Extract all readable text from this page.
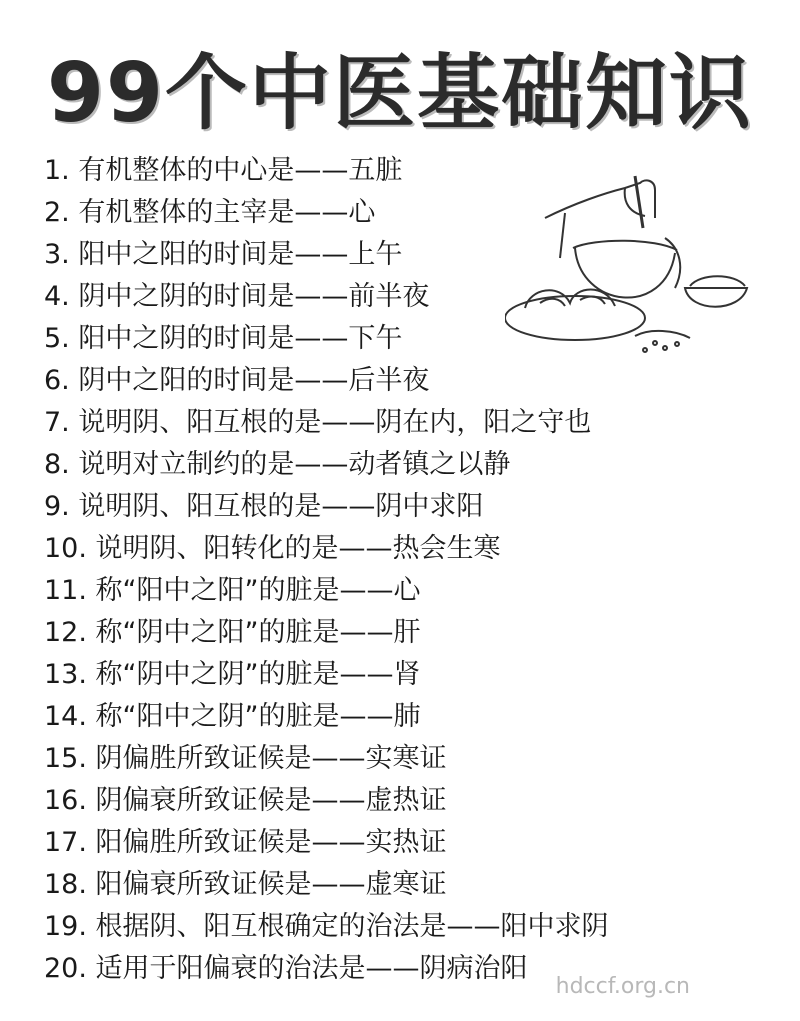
99个中医基础知识
1. 有机整体的中心是——五脏
2. 有机整体的主宰是——心
3. 阳中之阳的时间是——上午
4. 阴中之阴的时间是——前半夜
5. 阳中之阴的时间是——下午
6. 阴中之阳的时间是——后半夜
7. 说明阴、阳互根的是——阴在内，阳之守也
8. 说明对立制约的是——动者镇之以静
9. 说明阴、阳互根的是——阴中求阳
10. 说明阴、阳转化的是——热会生寒
11. 称“阳中之阳”的脏是——心
12. 称“阴中之阳”的脏是——肝
13. 称“阴中之阴”的脏是——肾
14. 称“阳中之阴”的脏是——肺
15. 阴偏胜所致证候是——实寒证
16. 阴偏衰所致证候是——虚热证
17. 阳偏胜所致证候是——实热证
18. 阳偏衰所致证候是——虚寒证
19. 根据阴、阳互根确定的治法是——阳中求阴
20. 适用于阳偏衰的治法是——阴病治阳
hdccf.org.cn
